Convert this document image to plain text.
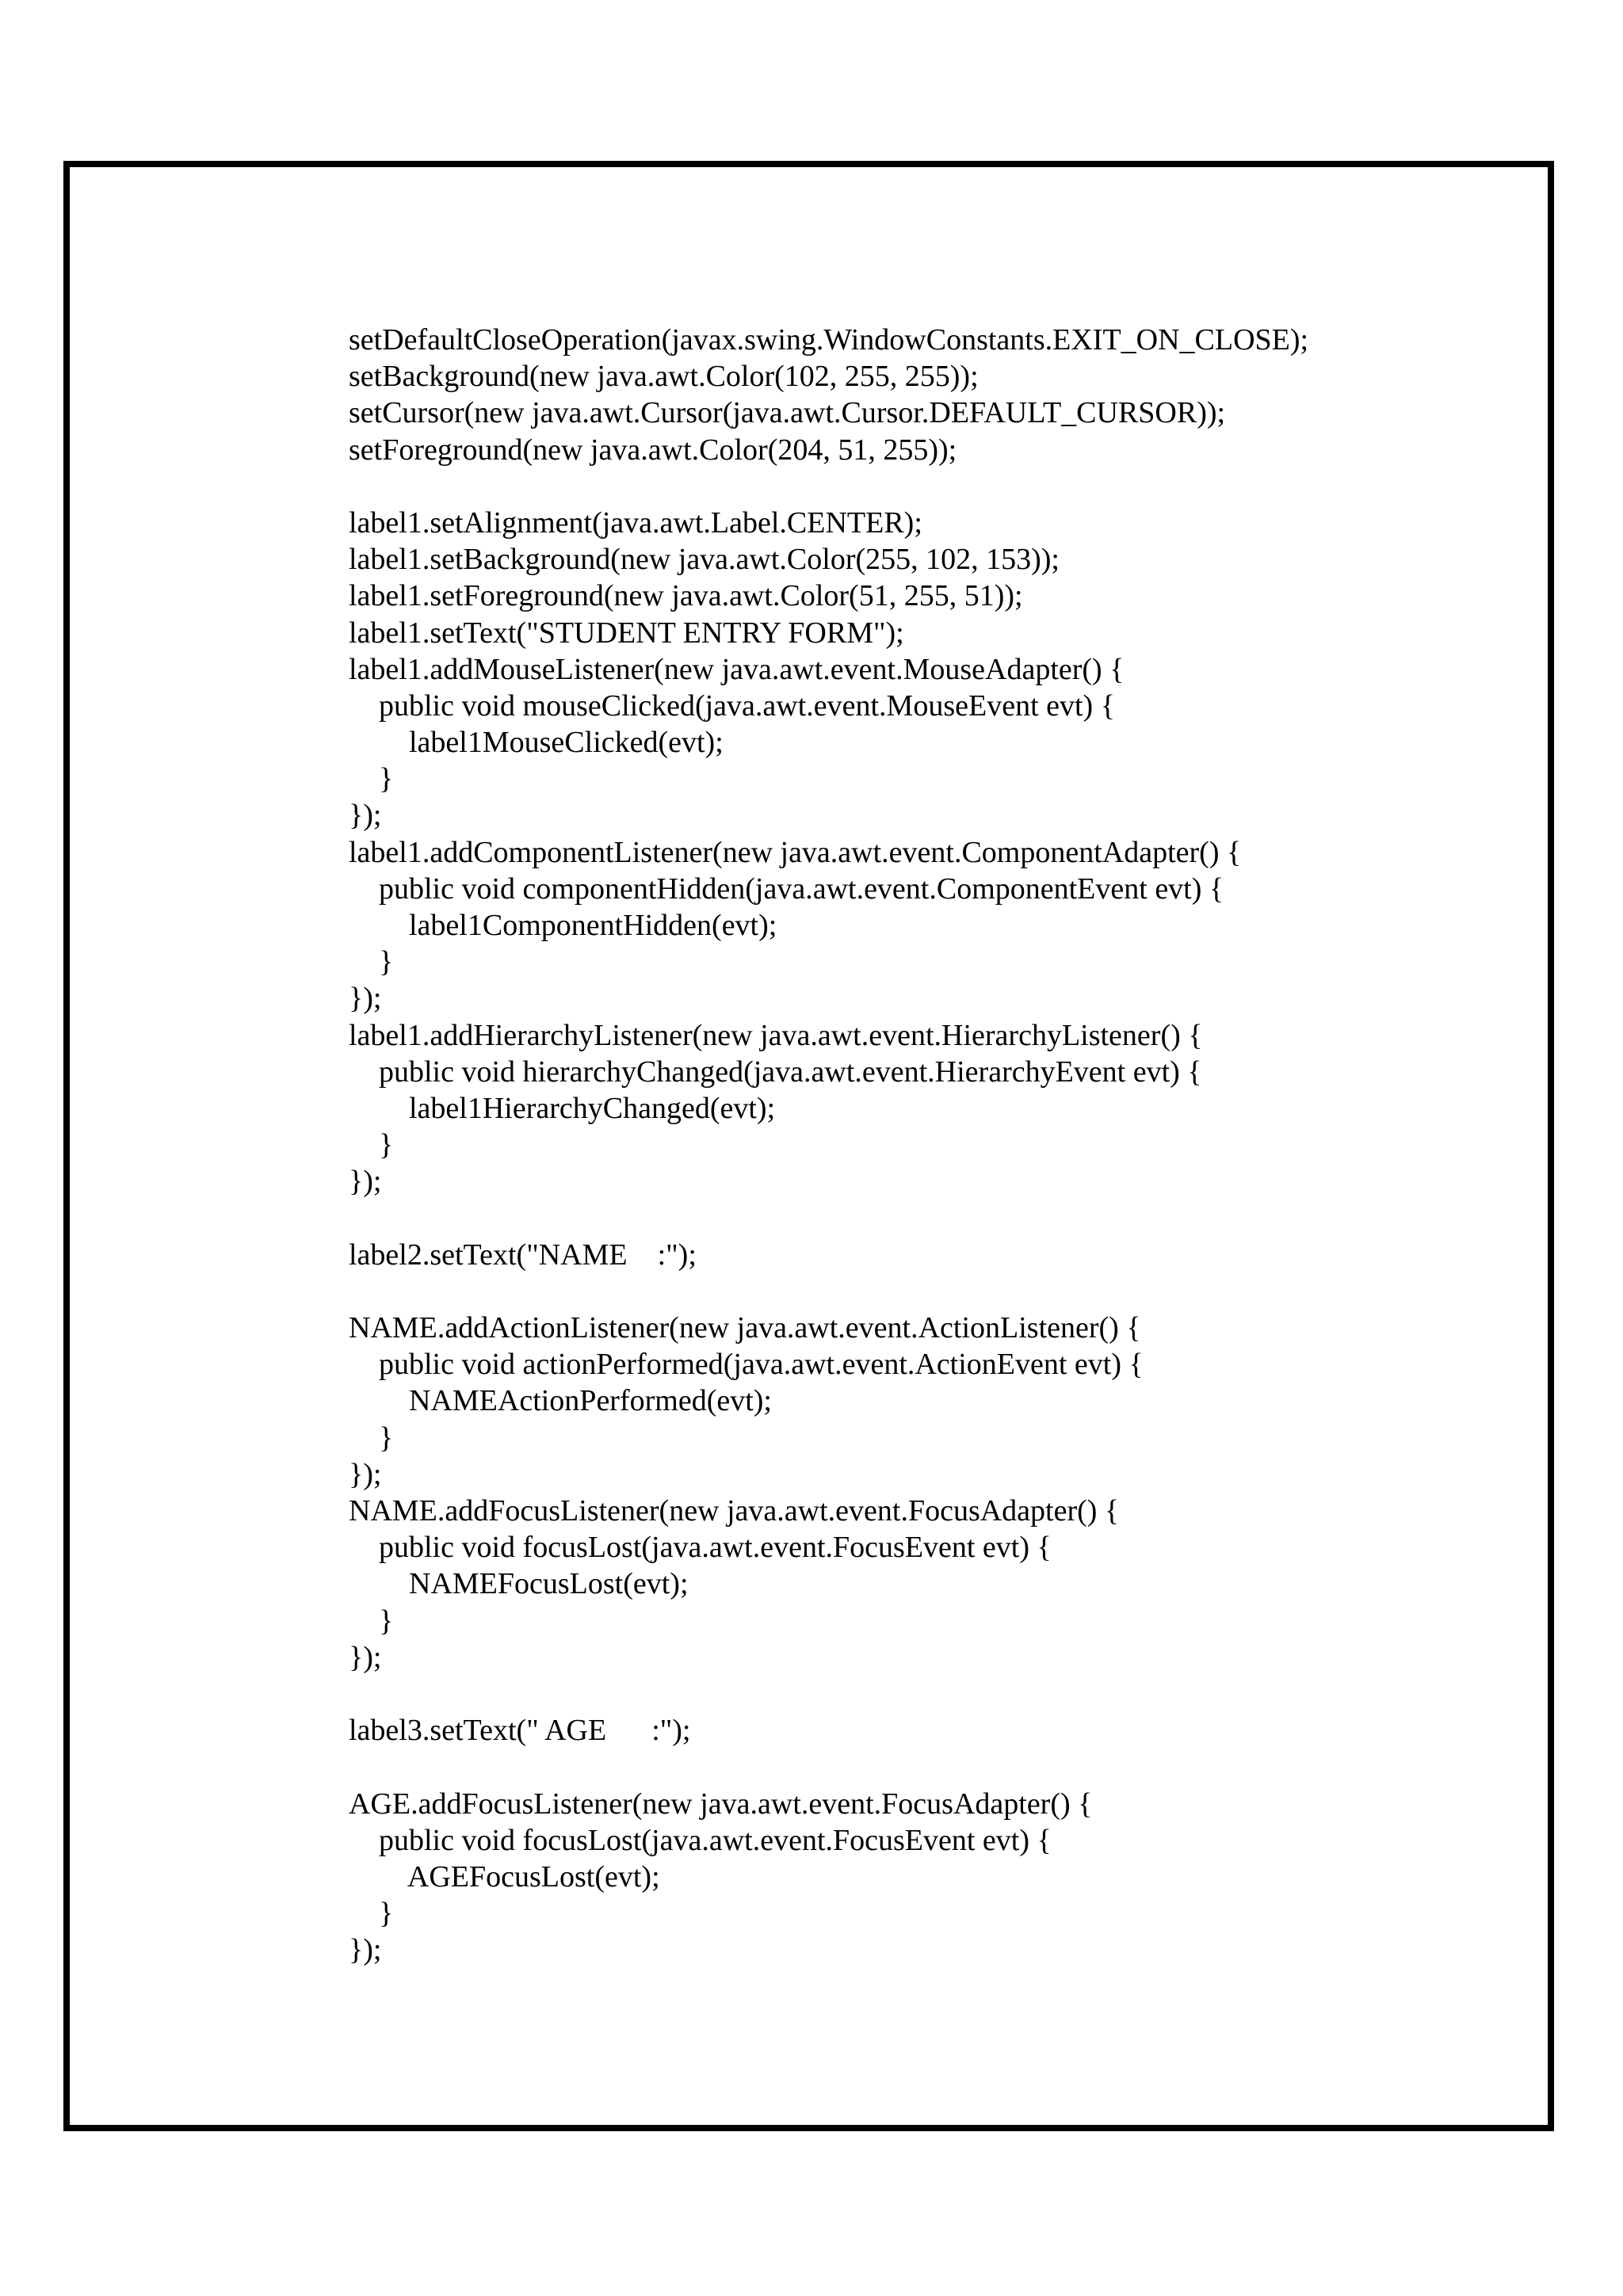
setDefaultCloseOperation(javax.swing.WindowConstants.EXIT_ON_CLOSE);
setBackground(new java.awt.Color(102, 255, 255));
setCursor(new java.awt.Cursor(java.awt.Cursor.DEFAULT_CURSOR));
setForeground(new java.awt.Color(204, 51, 255));
label1.setAlignment(java.awt.Label.CENTER);
label1.setBackground(new java.awt.Color(255, 102, 153));
label1.setForeground(new java.awt.Color(51, 255, 51));
label1.setText("STUDENT ENTRY FORM");
label1.addMouseListener(new java.awt.event.MouseAdapter() {
public void mouseClicked(java.awt.event.MouseEvent evt) {
label1MouseClicked(evt);
}
});
label1.addComponentListener(new java.awt.event.ComponentAdapter() {
public void componentHidden(java.awt.event.ComponentEvent evt) {
label1ComponentHidden(evt);
}
});
label1.addHierarchyListener(new java.awt.event.HierarchyListener() {
public void hierarchyChanged(java.awt.event.HierarchyEvent evt) {
label1HierarchyChanged(evt);
}
});
label2.setText("NAME    :");
NAME.addActionListener(new java.awt.event.ActionListener() {
public void actionPerformed(java.awt.event.ActionEvent evt) {
NAMEActionPerformed(evt);
}
});
NAME.addFocusListener(new java.awt.event.FocusAdapter() {
public void focusLost(java.awt.event.FocusEvent evt) {
NAMEFocusLost(evt);
}
});
label3.setText(" AGE      :");
AGE.addFocusListener(new java.awt.event.FocusAdapter() {
public void focusLost(java.awt.event.FocusEvent evt) {
AGEFocusLost(evt);
}
});
